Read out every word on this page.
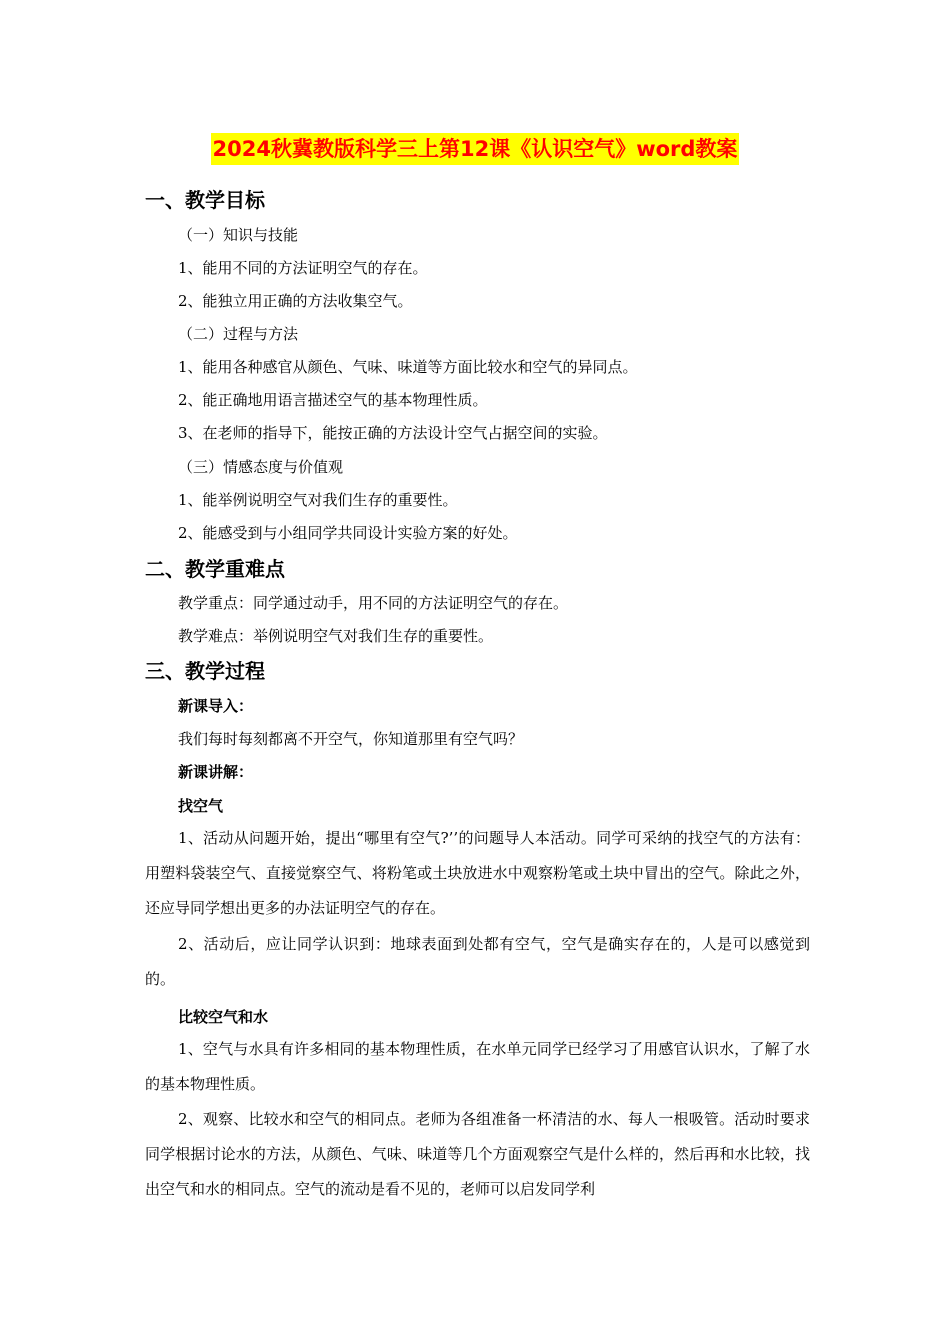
2024秋冀教版科学三上第12课《认识空气》word教案
一、教学目标
（一）知识与技能
1、能用不同的方法证明空气的存在。
2、能独立用正确的方法收集空气。
（二）过程与方法
1、能用各种感官从颜色、气味、味道等方面比较水和空气的异同点。
2、能正确地用语言描述空气的基本物理性质。
3、在老师的指导下，能按正确的方法设计空气占据空间的实验。
（三）情感态度与价值观
1、能举例说明空气对我们生存的重要性。
2、能感受到与小组同学共同设计实验方案的好处。
二、教学重难点
教学重点：同学通过动手，用不同的方法证明空气的存在。
教学难点：举例说明空气对我们生存的重要性。
三、教学过程
新课导入：
我们每时每刻都离不开空气，你知道那里有空气吗？
新课讲解：
找空气
1、活动从问题开始，提出“哪里有空气?’’的问题导人本活动。同学可采纳的找空气的方法有：用塑料袋装空气、直接觉察空气、将粉笔或土块放进水中观察粉笔或土块中冒出的空气。除此之外，还应导同学想出更多的办法证明空气的存在。
2、活动后，应让同学认识到：地球表面到处都有空气，空气是确实存在的，人是可以感觉到的。
比较空气和水
1、空气与水具有许多相同的基本物理性质，在水单元同学已经学习了用感官认识水，了解了水的基本物理性质。
2、观察、比较水和空气的相同点。老师为各组准备一杯清洁的水、每人一根吸管。活动时要求同学根据讨论水的方法，从颜色、气味、味道等几个方面观察空气是什么样的，然后再和水比较，找出空气和水的相同点。空气的流动是看不见的，老师可以启发同学利
